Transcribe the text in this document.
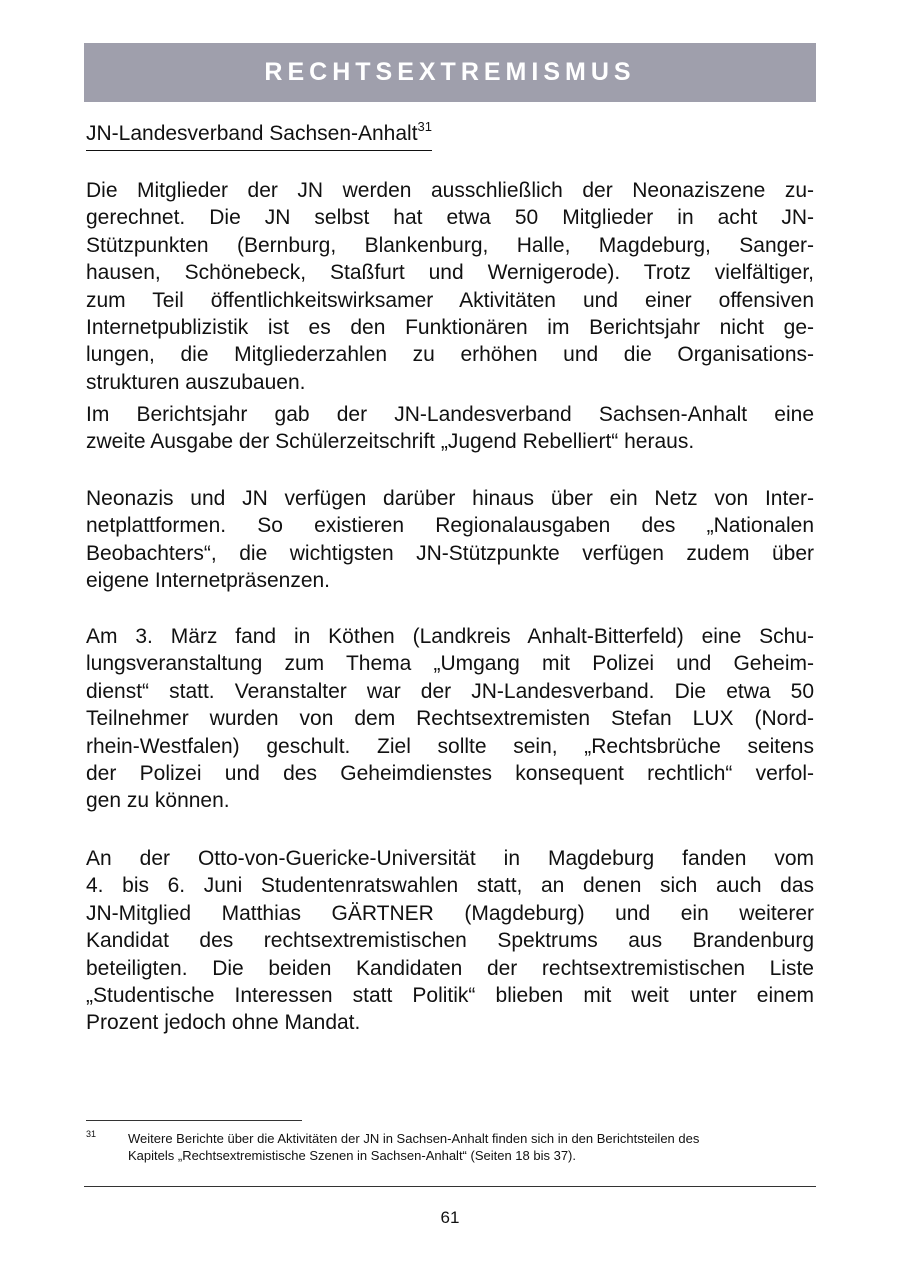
RECHTSEXTREMISMUS
JN-Landesverband Sachsen-Anhalt$^{31}$
Die Mitglieder der JN werden ausschließlich der Neonaziszene zu-
gerechnet. Die JN selbst hat etwa 50 Mitglieder in acht JN-
Stützpunkten (Bernburg, Blankenburg, Halle, Magdeburg, Sanger-
hausen, Schönebeck, Staßfurt und Wernigerode). Trotz vielfältiger,
zum Teil öffentlichkeitswirksamer Aktivitäten und einer offensiven
Internetpublizistik ist es den Funktionären im Berichtsjahr nicht ge-
lungen, die Mitgliederzahlen zu erhöhen und die Organisations-
strukturen auszubauen.
Im Berichtsjahr gab der JN-Landesverband Sachsen-Anhalt eine
zweite Ausgabe der Schülerzeitschrift „Jugend Rebelliert“ heraus.
Neonazis und JN verfügen darüber hinaus über ein Netz von Inter-
netplattformen. So existieren Regionalausgaben des „Nationalen
Beobachters“, die wichtigsten JN-Stützpunkte verfügen zudem über
eigene Internetpräsenzen.
Am 3. März fand in Köthen (Landkreis Anhalt-Bitterfeld) eine Schu-
lungsveranstaltung zum Thema „Umgang mit Polizei und Geheim-
dienst“ statt. Veranstalter war der JN-Landesverband. Die etwa 50
Teilnehmer wurden von dem Rechtsextremisten Stefan LUX (Nord-
rhein-Westfalen) geschult. Ziel sollte sein, „Rechtsbrüche seitens
der Polizei und des Geheimdienstes konsequent rechtlich“ verfol-
gen zu können.
An der Otto-von-Guericke-Universität in Magdeburg fanden vom
4. bis 6. Juni Studentenratswahlen statt, an denen sich auch das
JN-Mitglied Matthias GÄRTNER (Magdeburg) und ein weiterer
Kandidat des rechtsextremistischen Spektrums aus Brandenburg
beteiligten. Die beiden Kandidaten der rechtsextremistischen Liste
„Studentische Interessen statt Politik“ blieben mit weit unter einem
Prozent jedoch ohne Mandat.
31 Weitere Berichte über die Aktivitäten der JN in Sachsen-Anhalt finden sich in den Berichtsteilen des
Kapitels „Rechtsextremistische Szenen in Sachsen-Anhalt“ (Seiten 18 bis 37).
61
